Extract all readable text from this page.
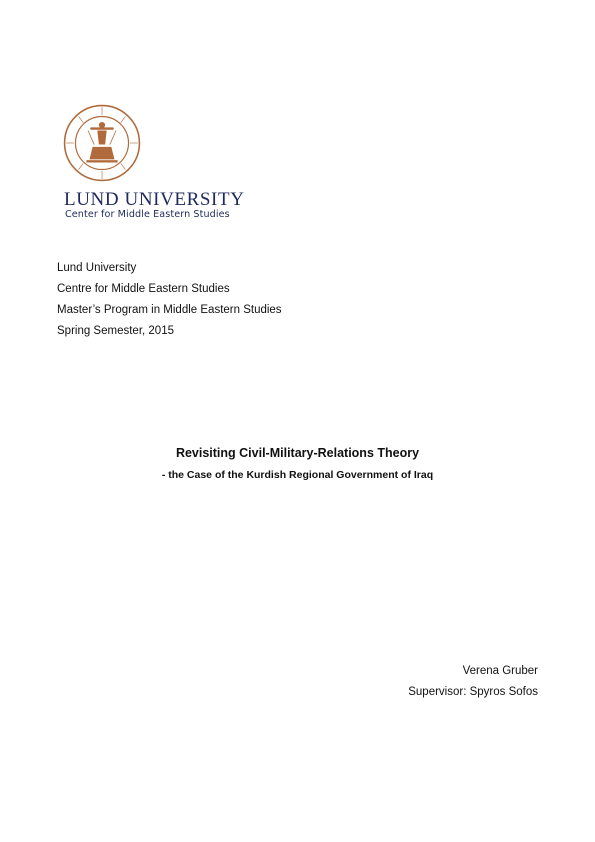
LUND UNIVERSITY
Center for Middle Eastern Studies
Lund University
Centre for Middle Eastern Studies
Master’s Program in Middle Eastern Studies
Spring Semester, 2015
Revisiting Civil-Military-Relations Theory
- the Case of the Kurdish Regional Government of Iraq
Verena Gruber
Supervisor: Spyros Sofos
